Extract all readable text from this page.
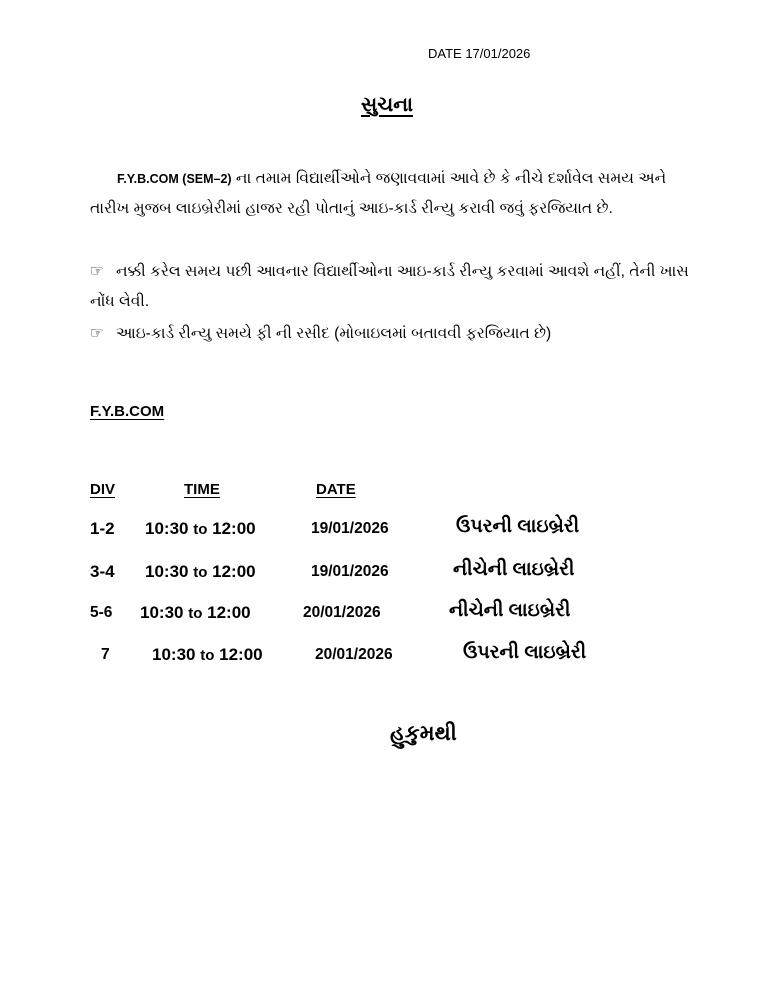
DATE 17/01/2026
સુચના
F.Y.B.COM (SEM–2) ના તમામ વિદ્યાર્થીઓને જણાવવામાં આવે છે કે નીચે દર્શાવેલ સમય અને તારીખ મુજબ લાઇબ્રેરીમાં હાજર રહી પોતાનું આઇ-કાર્ડ રીન્યુ કરાવી જવું ફરજિયાત છે.
☞ નક્કી કરેલ સમય પછી આવનાર વિદ્યાર્થીઓના આઇ-કાર્ડ રીન્યુ કરવામાં આવશે નહીં, તેની ખાસ નોંધ લેવી.
☞ આઇ-કાર્ડ રીન્યુ સમયે ફી ની રસીદ (મોબાઇલમાં બતાવવી ફરજિયાત છે)
F.Y.B.COM
DIV	TIME	DATE
1-2 10:30 to 12:00	19/01/2026	ઉપરની લાઇબ્રેરી
3-4 10:30 to 12:00	19/01/2026	નીચેની લાઇબ્રેરી
5-6 10:30 to 12:00	20/01/2026	નીચેની લાઇબ્રેરી
7 10:30 to 12:00	20/01/2026	ઉપરની લાઇબ્રેરી
હુકુમથી
